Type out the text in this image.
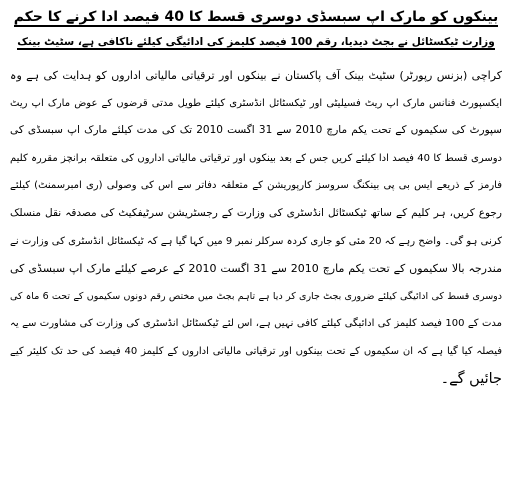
بینکوں کو مارک اپ سبسڈی دوسری قسط کا 40 فیصد ادا کرنے کا حکم
وزارت ٹیکسٹائل نے بجٹ دیدیا، رقم 100 فیصد کلیمز کی ادائیگی کیلئے ناکافی ہے، سٹیٹ بینک
کراچی (بزنس رپورٹر) سٹیٹ بینک آف پاکستان نے بینکوں اور ترقیاتی مالیاتی اداروں کو ہدایت کی ہے وہ
ایکسپورٹ فنانس مارک اپ ریٹ فسیلیٹی اور ٹیکسٹائل انڈسٹری کیلئے طویل مدتی قرضوں کے عوض مارک اپ ریٹ
سپورٹ کی سکیموں کے تحت یکم مارچ 2010 سے 31 اگست 2010 تک کی مدت کیلئے مارک اپ سبسڈی کی
دوسری قسط کا 40 فیصد ادا کیلئے کریں جس کے بعد بینکوں اور ترقیاتی مالیاتی اداروں کی متعلقہ برانچز مقررہ کلیم
فارمز کے ذریعے ایس بی پی بینکنگ سروسز کارپوریشن کے متعلقہ دفاتر سے اس کی وصولی (ری امبرسمنٹ) کیلئے
رجوع کریں، ہر کلیم کے ساتھ ٹیکسٹائل انڈسٹری کی وزارت کے رجسٹریشن سرٹیفکیٹ کی مصدقہ نقل منسلک
کرنی ہو گی۔ واضح رہے کہ 20 مئی کو جاری کردہ سرکلر نمبر 9 میں کہا گیا ہے کہ ٹیکسٹائل انڈسٹری کی وزارت نے
مندرجہ بالا سکیموں کے تحت یکم مارچ 2010 سے 31 اگست 2010 کے عرصے کیلئے مارک اپ سبسڈی کی
دوسری قسط کی ادائیگی کیلئے ضروری بجٹ جاری کر دیا ہے تاہم بجٹ میں مختص رقم دونوں سکیموں کے تحت 6 ماہ کی
مدت کے 100 فیصد کلیمز کی ادائیگی کیلئے کافی نہیں ہے، اس لئے ٹیکسٹائل انڈسٹری کی وزارت کی مشاورت سے یہ
فیصلہ کیا گیا ہے کہ ان سکیموں کے تحت بینکوں اور ترقیاتی مالیاتی اداروں کے کلیمز 40 فیصد کی حد تک کلیئر کیے
جائیں گے۔
